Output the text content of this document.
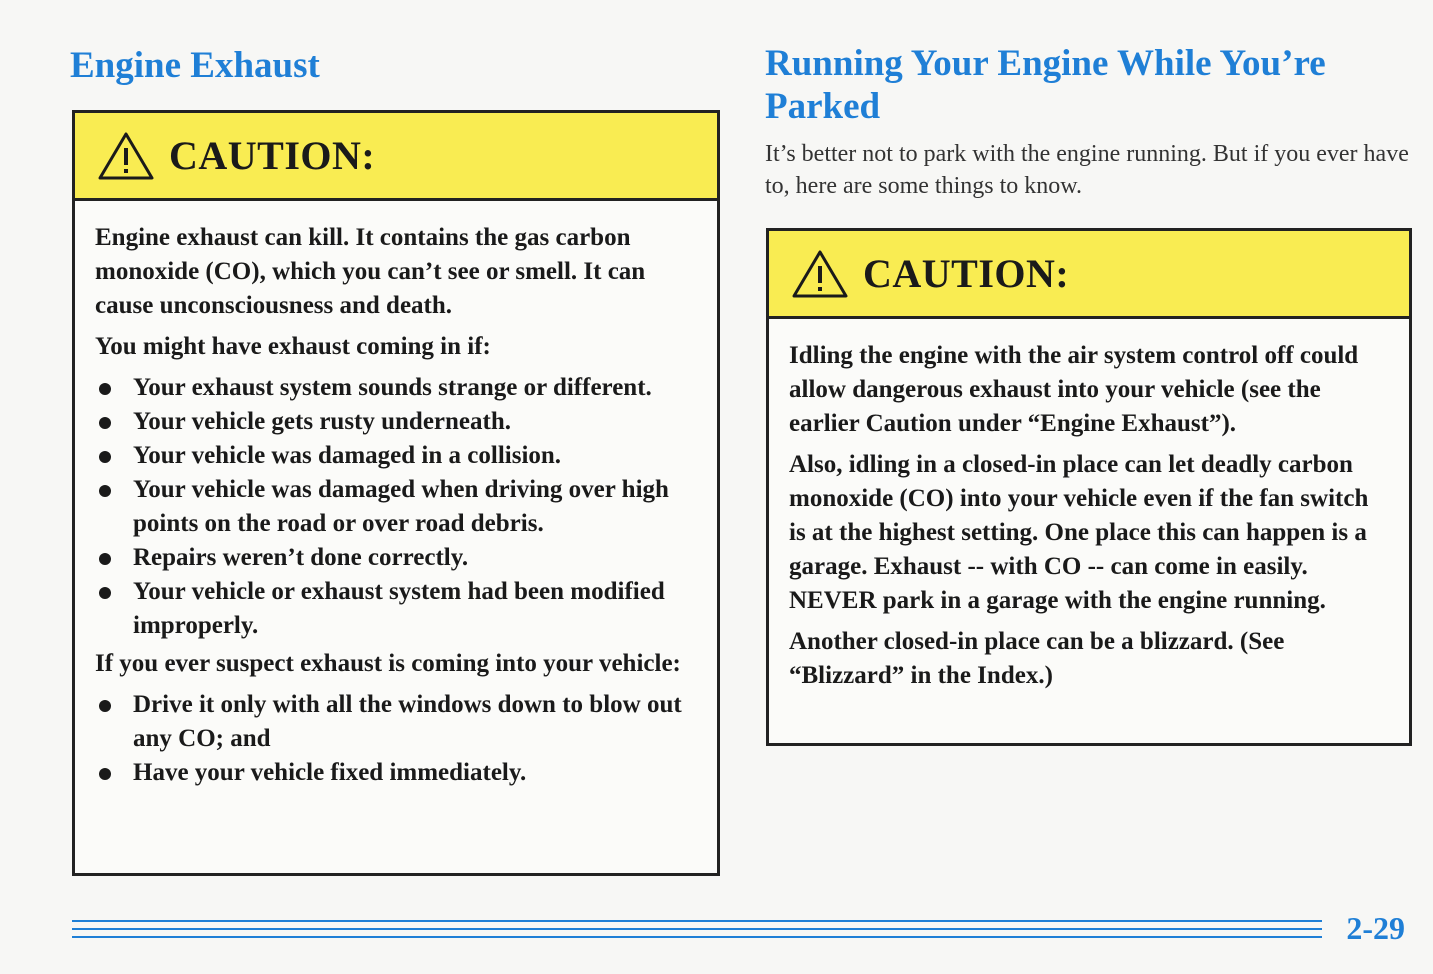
Engine Exhaust
CAUTION:

Engine exhaust can kill. It contains the gas carbon monoxide (CO), which you can’t see or smell. It can cause unconsciousness and death.

You might have exhaust coming in if:

Your exhaust system sounds strange or different.
Your vehicle gets rusty underneath.
Your vehicle was damaged in a collision.
Your vehicle was damaged when driving over high points on the road or over road debris.
Repairs weren’t done correctly.
Your vehicle or exhaust system had been modified improperly.

If you ever suspect exhaust is coming into your vehicle:

Drive it only with all the windows down to blow out any CO; and
Have your vehicle fixed immediately.
Running Your Engine While You’re Parked
It’s better not to park with the engine running. But if you ever have to, here are some things to know.
CAUTION:

Idling the engine with the air system control off could allow dangerous exhaust into your vehicle (see the earlier Caution under “Engine Exhaust”).

Also, idling in a closed-in place can let deadly carbon monoxide (CO) into your vehicle even if the fan switch is at the highest setting. One place this can happen is a garage. Exhaust -- with CO -- can come in easily. NEVER park in a garage with the engine running.

Another closed-in place can be a blizzard. (See “Blizzard” in the Index.)

2-29
